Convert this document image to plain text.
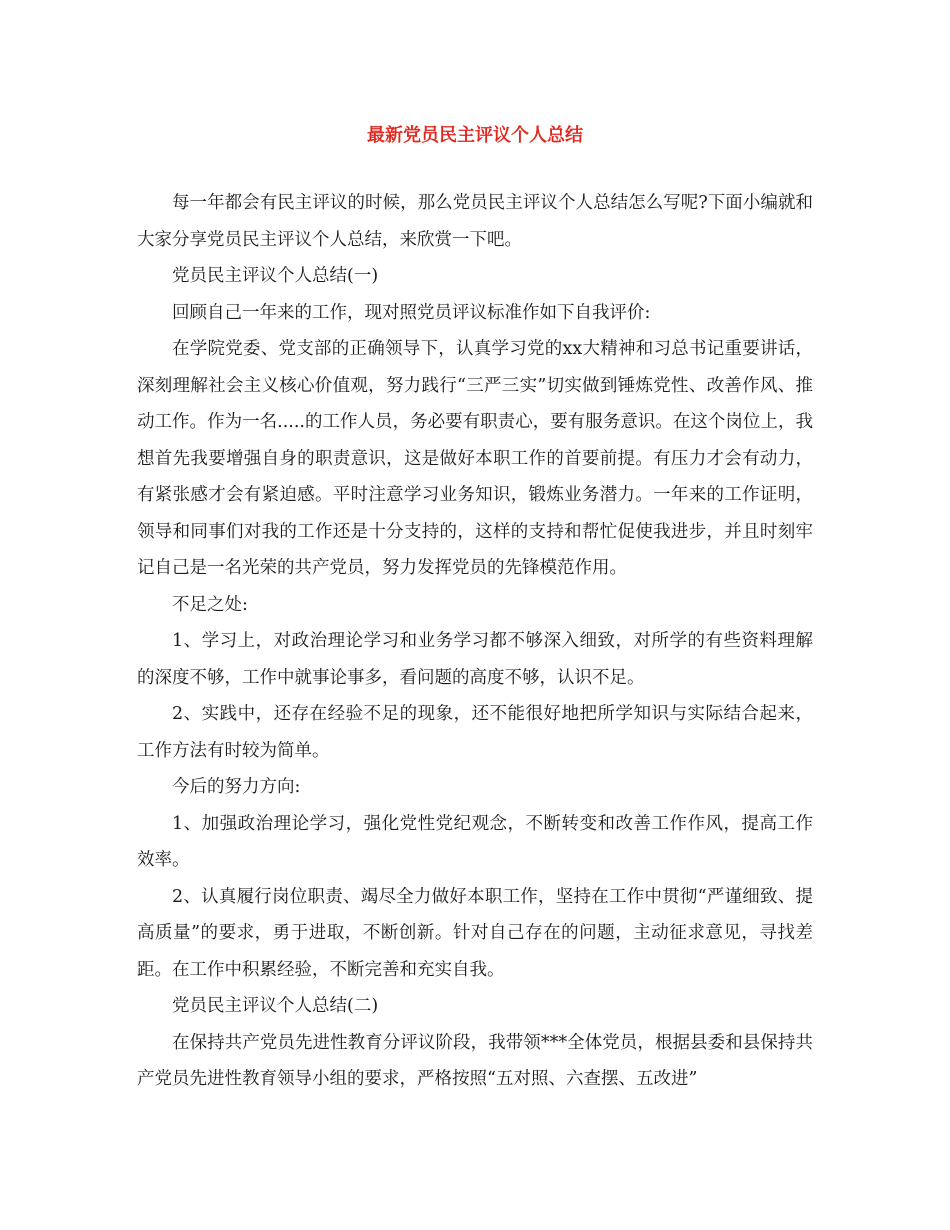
最新党员民主评议个人总结

每一年都会有民主评议的时候，那么党员民主评议个人总结怎么写呢?下面小编就和大家分享党员民主评议个人总结，来欣赏一下吧。

党员民主评议个人总结(一)

回顾自己一年来的工作，现对照党员评议标准作如下自我评价:

在学院党委、党支部的正确领导下，认真学习党的xx大精神和习总书记重要讲话，深刻理解社会主义核心价值观，努力践行“三严三实”切实做到锤炼党性、改善作风、推动工作。作为一名.....的工作人员，务必要有职责心，要有服务意识。在这个岗位上，我想首先我要增强自身的职责意识，这是做好本职工作的首要前提。有压力才会有动力，有紧张感才会有紧迫感。平时注意学习业务知识，锻炼业务潜力。一年来的工作证明，领导和同事们对我的工作还是十分支持的，这样的支持和帮忙促使我进步，并且时刻牢记自己是一名光荣的共产党员，努力发挥党员的先锋模范作用。

不足之处:

1、学习上，对政治理论学习和业务学习都不够深入细致，对所学的有些资料理解的深度不够，工作中就事论事多，看问题的高度不够，认识不足。

2、实践中，还存在经验不足的现象，还不能很好地把所学知识与实际结合起来，工作方法有时较为简单。

今后的努力方向:

1、加强政治理论学习，强化党性党纪观念，不断转变和改善工作作风，提高工作效率。

2、认真履行岗位职责、竭尽全力做好本职工作，坚持在工作中贯彻“严谨细致、提高质量”的要求，勇于进取，不断创新。针对自己存在的问题，主动征求意见，寻找差距。在工作中积累经验，不断完善和充实自我。

党员民主评议个人总结(二)

在保持共产党员先进性教育分评议阶段，我带领***全体党员，根据县委和县保持共产党员先进性教育领导小组的要求，严格按照“五对照、六查摆、五改进”
